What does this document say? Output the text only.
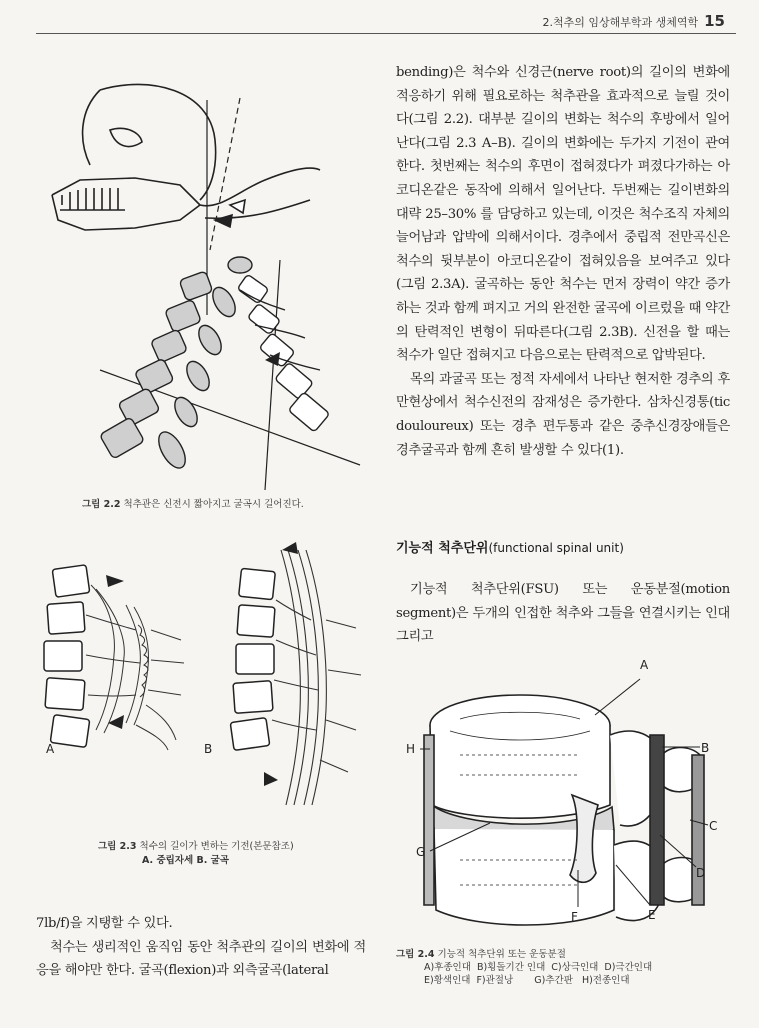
2.척추의 임상해부학과 생체역학 15
그림 2.2 척추관은 신전시 짧아지고 굴곡시 길어진다.
A	B
그림 2.3 척수의 길이가 변하는 기전(본문참조)
A. 중립자세 B. 굴곡

7lb/f)을 지탱할 수 있다.

척수는 생리적인 움직임 동안 척추관의 길이의 변화에 적응을 해야만 한다. 굴곡(flexion)과 외측굴곡(lateral

bending)은 척수와 신경근(nerve root)의 길이의 변화에 적응하기 위해 필요로하는 척추관을 효과적으로 늘릴 것이다(그림 2.2). 대부분 길이의 변화는 척수의 후방에서 일어난다(그림 2.3 A–B). 길이의 변화에는 두가지 기전이 관여한다. 첫번째는 척수의 후면이 접혀졌다가 펴졌다가하는 아코디온같은 동작에 의해서 일어난다. 두번째는 길이변화의 대략 25–30% 를 담당하고 있는데, 이것은 척수조직 자체의 늘어남과 압박에 의해서이다. 경추에서 중립적 전만곡신은 척수의 뒷부분이 아코디온같이 접혀있음을 보여주고 있다(그림 2.3A). 굴곡하는 동안 척수는 먼저 장력이 약간 증가하는 것과 함께 펴지고 거의 완전한 굴곡에 이르렀을 때 약간의 탄력적인 변형이 뒤따른다(그림 2.3B). 신전을 할 때는 척수가 일단 접혀지고 다음으로는 탄력적으로 압박된다.

목의 과굴곡 또는 정적 자세에서 나타난 현저한 경추의 후만현상에서 척수신전의 잠재성은 증가한다. 삼차신경통(tic douloureux) 또는 경추 편두통과 같은 중추신경장애들은 경추굴곡과 함께 흔히 발생할 수 있다(1).

기능적 척추단위(functional spinal unit)

기능적 척추단위(FSU) 또는 운동분절(motion segment)은 두개의 인접한 척추와 그들을 연결시키는 인대 그리고

A
B
C
D
E
F
G
H
그림 2.4 기능적 척추단위 또는 운동분절
A)후종인대  B)횡돌기간 인대  C)상극인대  D)극간인대
E)황색인대  F)관절낭       G)추간판   H)전종인대
